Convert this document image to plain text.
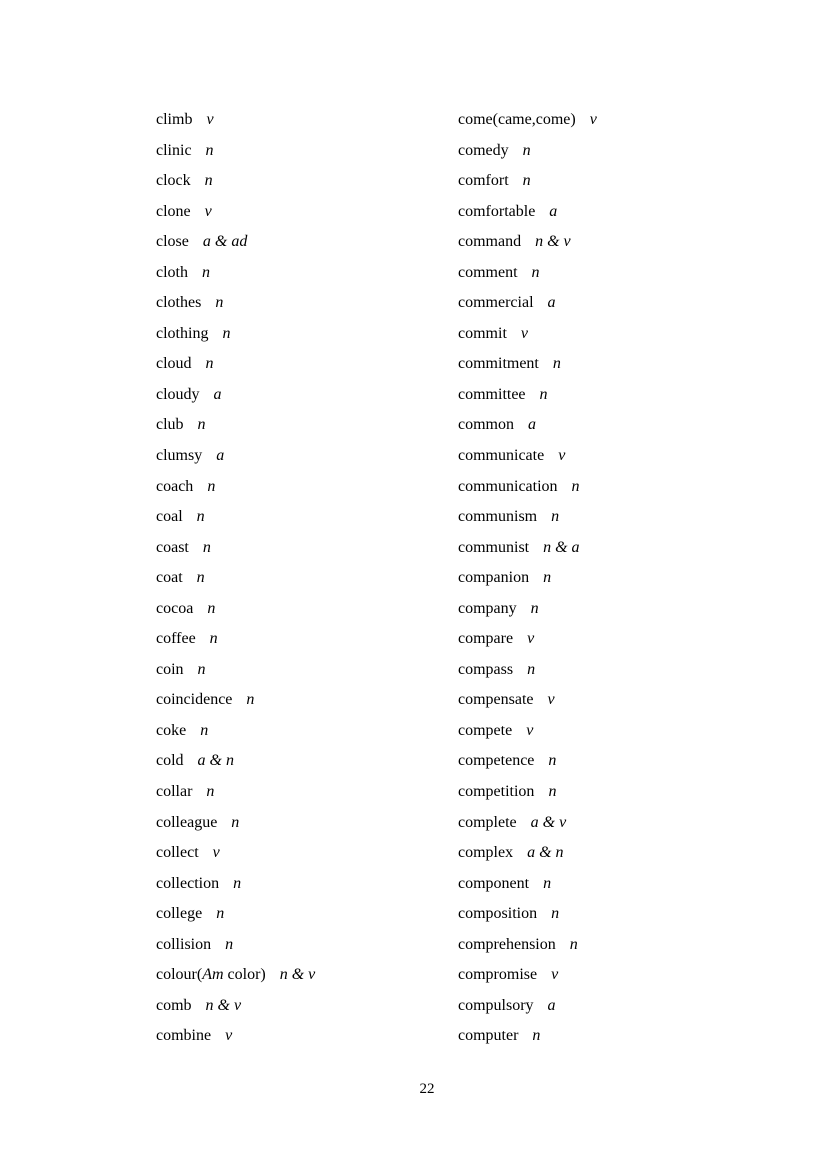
climb v
clinic n
clock n
clone v
close a & ad
cloth n
clothes n
clothing n
cloud n
cloudy a
club n
clumsy a
coach n
coal n
coast n
coat n
cocoa n
coffee n
coin n
coincidence n
coke n
cold a & n
collar n
colleague n
collect v
collection n
college n
collision n
colour(Am color) n & v
comb n & v
combine v
come(came,come) v
comedy n
comfort n
comfortable a
command n & v
comment n
commercial a
commit v
commitment n
committee n
common a
communicate v
communication n
communism n
communist n & a
companion n
company n
compare v
compass n
compensate v
compete v
competence n
competition n
complete a & v
complex a & n
component n
composition n
comprehension n
compromise v
compulsory a
computer n
22
